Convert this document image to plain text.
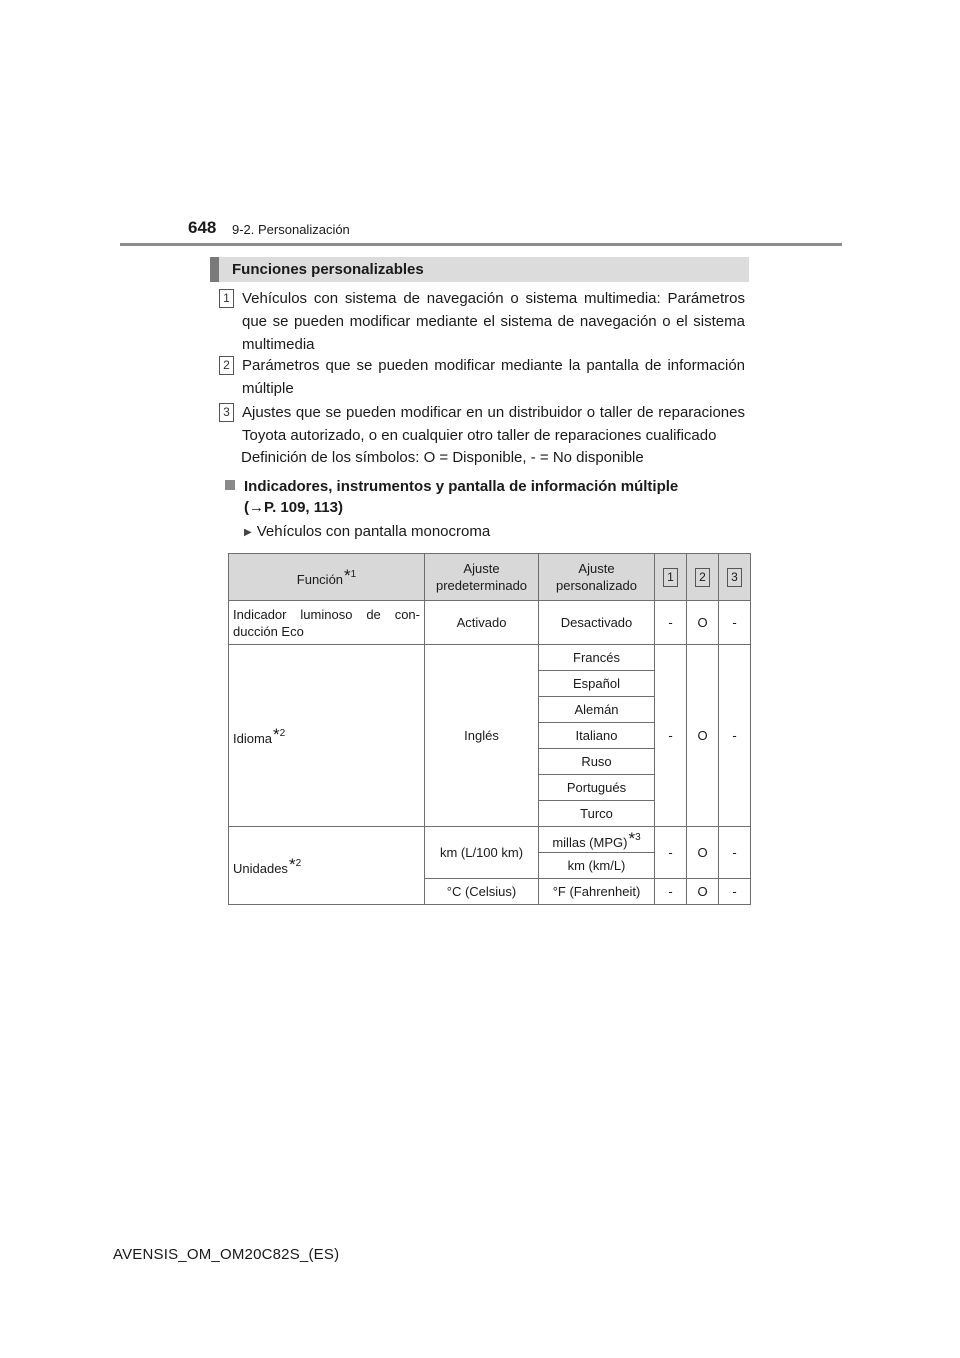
648 9-2. Personalización
Funciones personalizables
1 Vehículos con sistema de navegación o sistema multimedia: Parámetros que se pueden modificar mediante el sistema de navegación o el sistema multimedia
2 Parámetros que se pueden modificar mediante la pantalla de información múltiple
3 Ajustes que se pueden modificar en un distribuidor o taller de reparaciones Toyota autorizado, o en cualquier otro taller de reparaciones cualificado
Definición de los símbolos: O = Disponible, - = No disponible
Indicadores, instrumentos y pantalla de información múltiple
(→P. 109, 113)
▶ Vehículos con pantalla monocroma
Función*$^1$	Ajuste predeterminado	Ajuste personalizado	1	2	3
Indicador luminoso de con-ducción Eco	Activado	Desactivado	-	O	-
Idioma*$^2$	Inglés	Francés	-	O	-
		Español			
		Alemán			
		Italiano			
		Ruso			
		Portugués			
		Turco			
Unidades*$^2$	km (L/100 km)	millas (MPG)*$^3$	-	O	-
		km (km/L)			
	°C (Celsius)	°F (Fahrenheit)	-	O	-
AVENSIS_OM_OM20C82S_(ES)
